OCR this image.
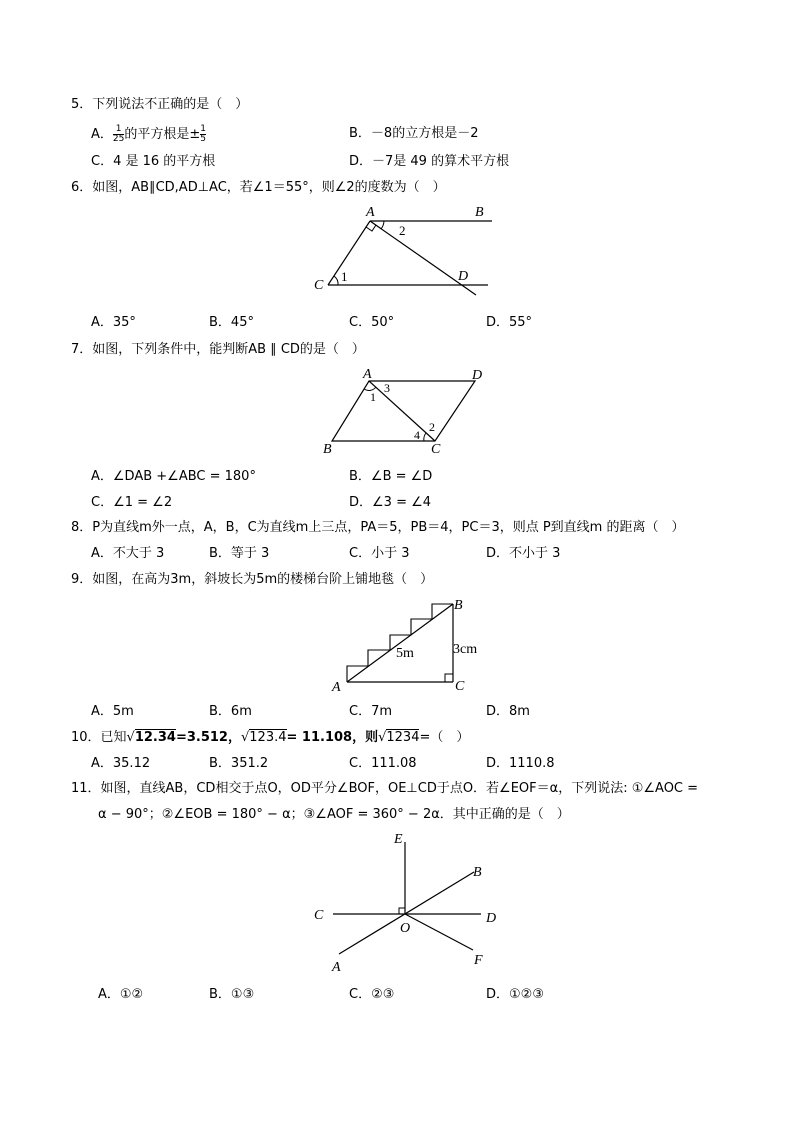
5．下列说法不正确的是（　）
A． $\frac{1}{25}$ 的平方根是± $\frac{1}{5}$	B．－8的立方根是－2
C．4 是 16 的平方根	D．－7是 49 的算术平方根
6．如图，AB∥CD,AD⊥AC，若∠1＝55°，则∠2的度数为（　）
A	B
C
D
1
2
A．35°	B．45°	C．50°	D．55°
7．如图，下列条件中，能判断AB ∥ CD的是（　）
A	D
B	C
1
2
3
4
A．∠DAB +∠ABC = 180°	B．∠B = ∠D
C．∠1 = ∠2	D．∠3 = ∠4
8．P为直线m外一点，A，B，C为直线m上三点，PA＝5，PB＝4，PC＝3，则点 P到直线m 的距离（　）
A．不大于 3	B．等于 3	C．小于 3	D．不小于 3
9．如图，在高为3m，斜坡长为5m的楼梯台阶上铺地毯（　）
A
B
C
5m	3cm
A．5m	B．6m	C．7m	D．8m
10．已知√12.34=3.512，√123.4= 11.108，则√1234=（　）
A．35.12	B．351.2	C．111.08	D．1110.8
11．如图，直线AB，CD相交于点O，OD平分∠BOF，OE⊥CD于点O．若∠EOF＝α，下列说法: ①∠AOC =
α − 90°；②∠EOB = 180° − α；③∠AOF = 360° − 2α．其中正确的是（　）
E
B
C	D
O
A	F
A．①②	B．①③	C．②③	D．①②③
